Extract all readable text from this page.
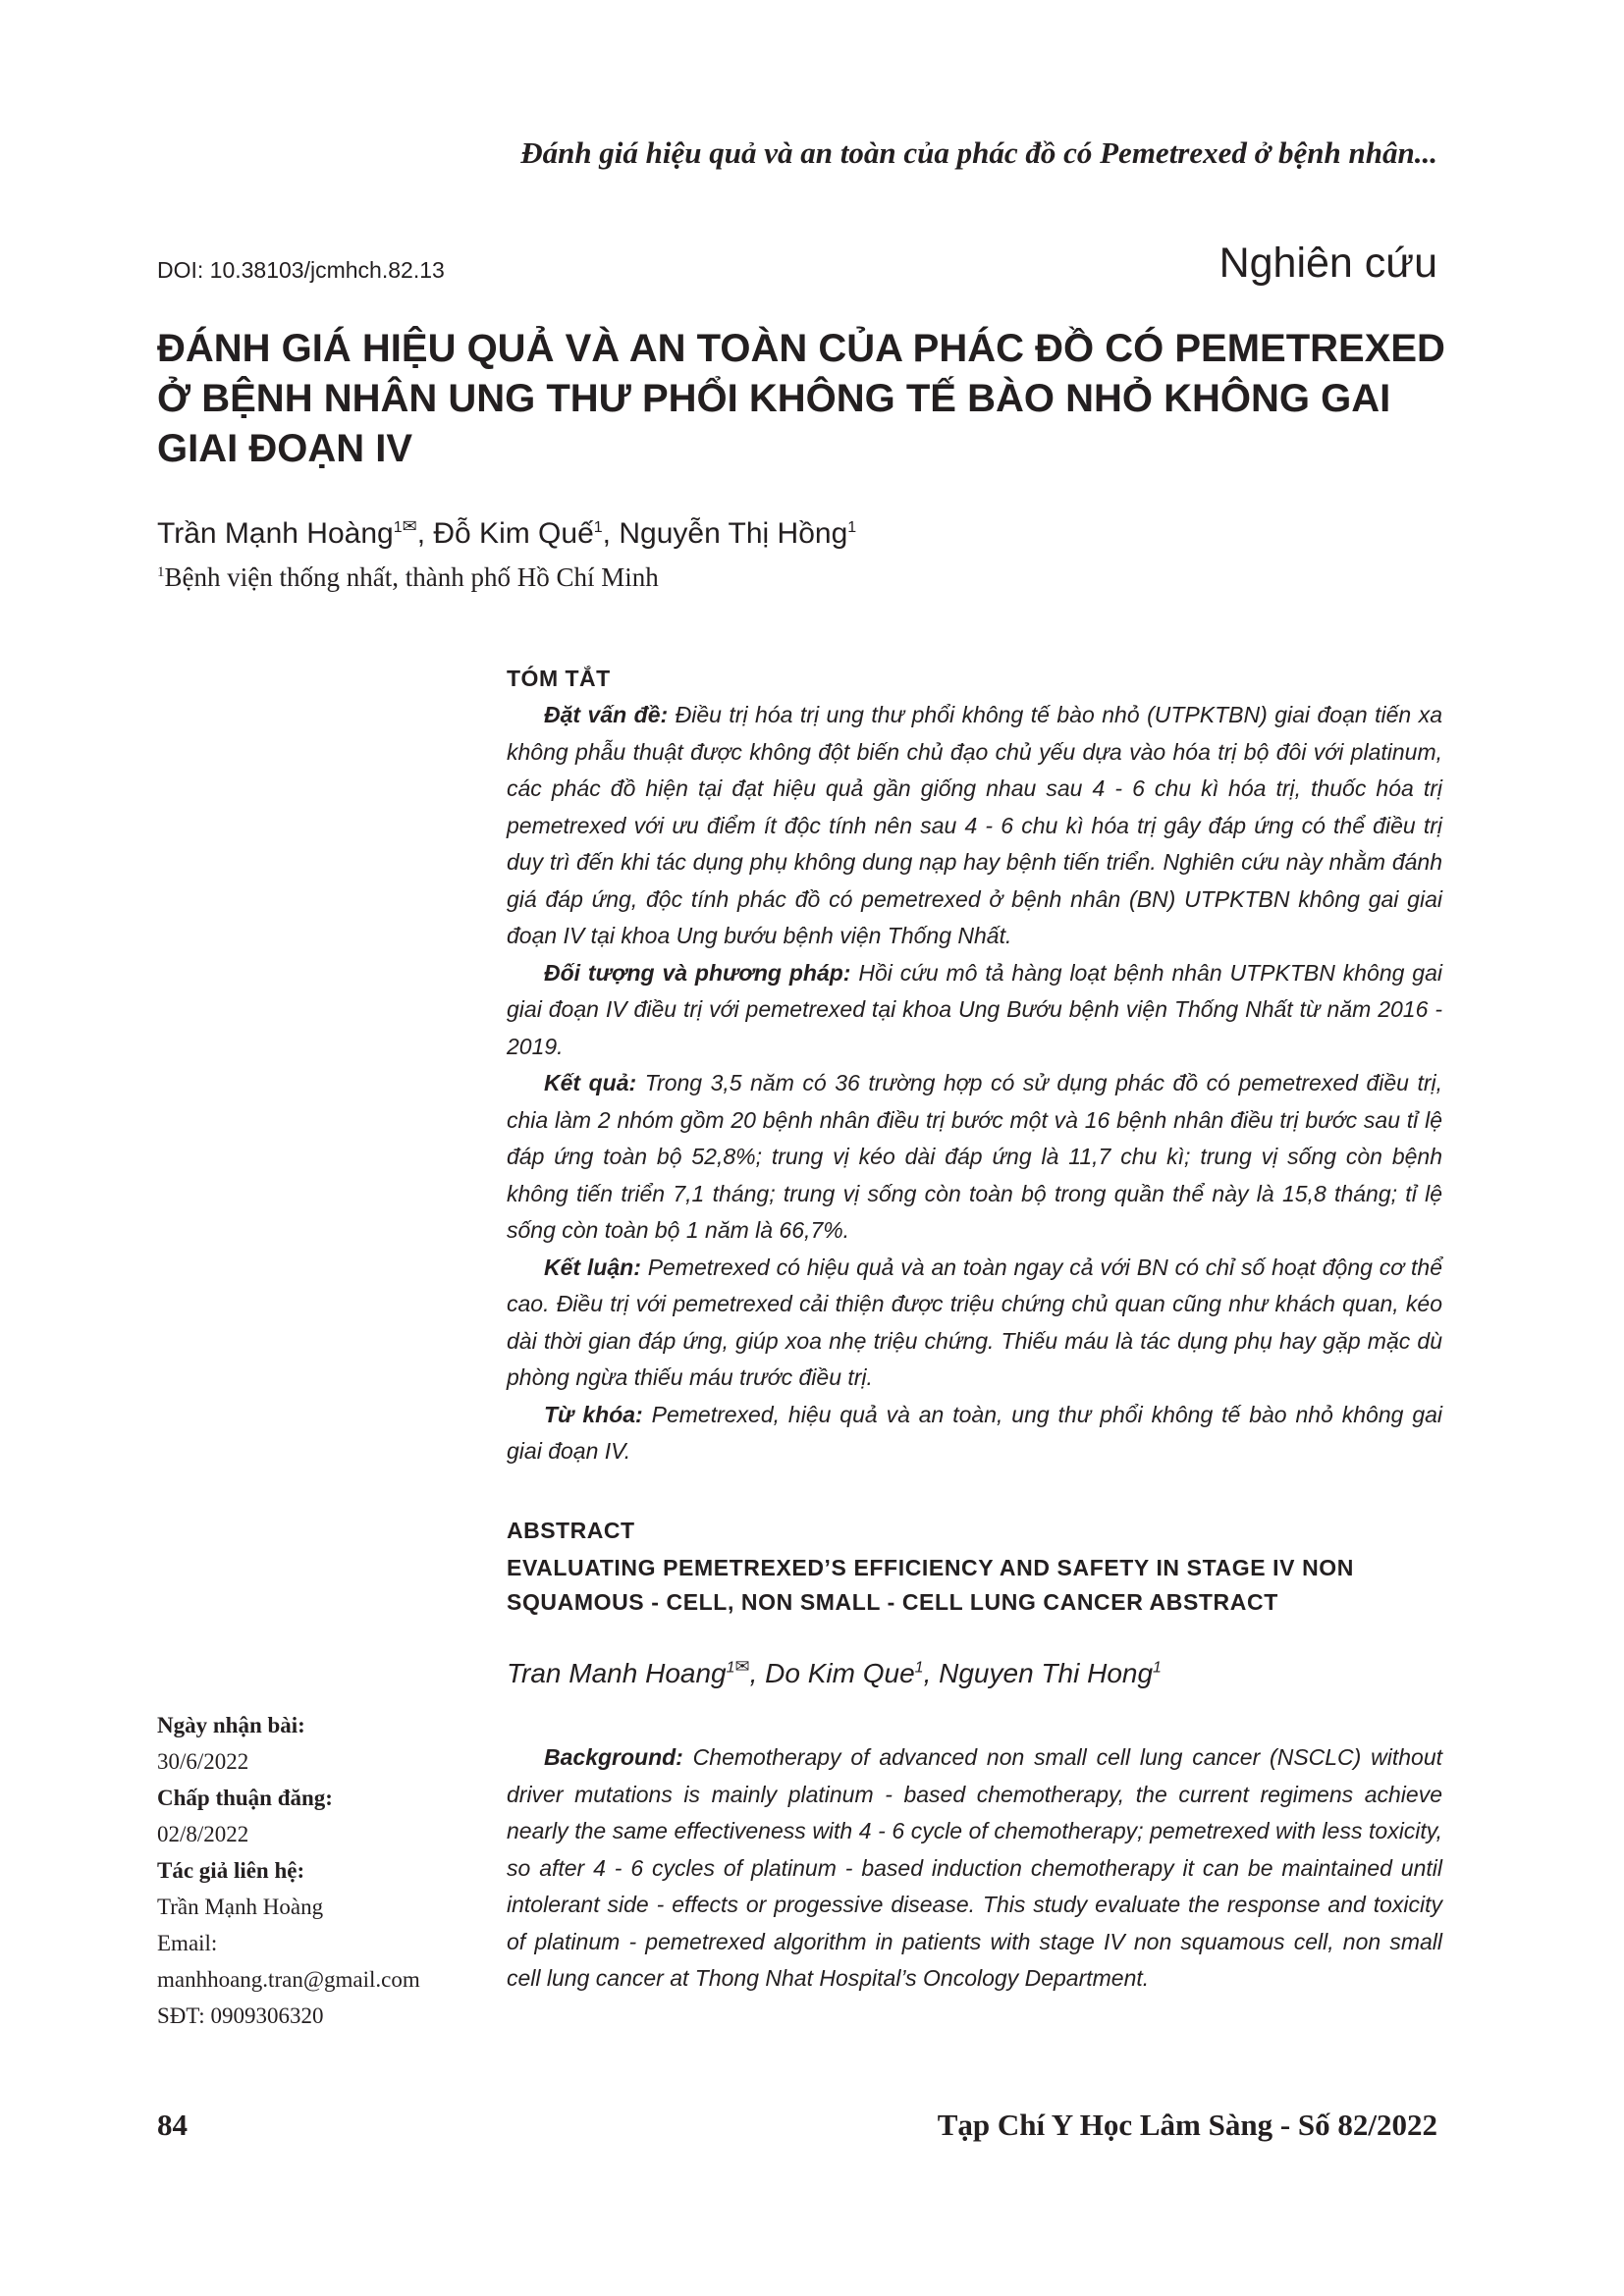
Đánh giá hiệu quả và an toàn của phác đồ có Pemetrexed ở bệnh nhân...
DOI: 10.38103/jcmhch.82.13	Nghiên cứu
ĐÁNH GIÁ HIỆU QUẢ VÀ AN TOÀN CỦA PHÁC ĐỒ CÓ PEMETREXED Ở BỆNH NHÂN UNG THƯ PHỔI KHÔNG TẾ BÀO NHỎ KHÔNG GAI GIAI ĐOẠN IV
Trần Mạnh Hoàng$^{1✉}$, Đỗ Kim Quế$^1$, Nguyễn Thị Hồng$^1$
$^1$Bệnh viện thống nhất, thành phố Hồ Chí Minh
TÓM TẮT

Đặt vấn đề: Điều trị hóa trị ung thư phổi không tế bào nhỏ (UTPKTBN) giai đoạn tiến xa không phẫu thuật được không đột biến chủ đạo chủ yếu dựa vào hóa trị bộ đôi với platinum, các phác đồ hiện tại đạt hiệu quả gần giống nhau sau 4 - 6 chu kì hóa trị, thuốc hóa trị pemetrexed với ưu điểm ít độc tính nên sau 4 - 6 chu kì hóa trị gây đáp ứng có thể điều trị duy trì đến khi tác dụng phụ không dung nạp hay bệnh tiến triển. Nghiên cứu này nhằm đánh giá đáp ứng, độc tính phác đồ có pemetrexed ở bệnh nhân (BN) UTPKTBN không gai giai đoạn IV tại khoa Ung bướu bệnh viện Thống Nhất.

Đối tượng và phương pháp: Hồi cứu mô tả hàng loạt bệnh nhân UTPKTBN không gai giai đoạn IV điều trị với pemetrexed tại khoa Ung Bướu bệnh viện Thống Nhất từ năm 2016 - 2019.

Kết quả: Trong 3,5 năm có 36 trường hợp có sử dụng phác đồ có pemetrexed điều trị, chia làm 2 nhóm gồm 20 bệnh nhân điều trị bước một và 16 bệnh nhân điều trị bước sau tỉ lệ đáp ứng toàn bộ 52,8%; trung vị kéo dài đáp ứng là 11,7 chu kì; trung vị sống còn bệnh không tiến triển 7,1 tháng; trung vị sống còn toàn bộ trong quần thể này là 15,8 tháng; tỉ lệ sống còn toàn bộ 1 năm là 66,7%.

Kết luận: Pemetrexed có hiệu quả và an toàn ngay cả với BN có chỉ số hoạt động cơ thể cao. Điều trị với pemetrexed cải thiện được triệu chứng chủ quan cũng như khách quan, kéo dài thời gian đáp ứng, giúp xoa nhẹ triệu chứng. Thiếu máu là tác dụng phụ hay gặp mặc dù phòng ngừa thiếu máu trước điều trị.

Từ khóa: Pemetrexed, hiệu quả và an toàn, ung thư phổi không tế bào nhỏ không gai giai đoạn IV.

ABSTRACT
EVALUATING PEMETREXED’S EFFICIENCY AND SAFETY IN STAGE IV NON SQUAMOUS - CELL, NON SMALL - CELL LUNG CANCER ABSTRACT
Tran Manh Hoang$^{1✉}$, Do Kim Que$^1$, Nguyen Thi Hong$^1$

Background: Chemotherapy of advanced non small cell lung cancer (NSCLC) without driver mutations is mainly platinum - based chemotherapy, the current regimens achieve nearly the same effectiveness with 4 - 6 cycle of chemotherapy; pemetrexed with less toxicity, so after 4 - 6 cycles of platinum - based induction chemotherapy it can be maintained until intolerant side - effects or progessive disease. This study evaluate the response and toxicity of platinum - pemetrexed algorithm in patients with stage IV non squamous cell, non small cell lung cancer at Thong Nhat Hospital’s Oncology Department.

Ngày nhận bài:
30/6/2022
Chấp thuận đăng:
02/8/2022
Tác giả liên hệ:
Trần Mạnh Hoàng
Email:
manhhoang.tran@gmail.com
SĐT: 0909306320
84	Tạp Chí Y Học Lâm Sàng - Số 82/2022
